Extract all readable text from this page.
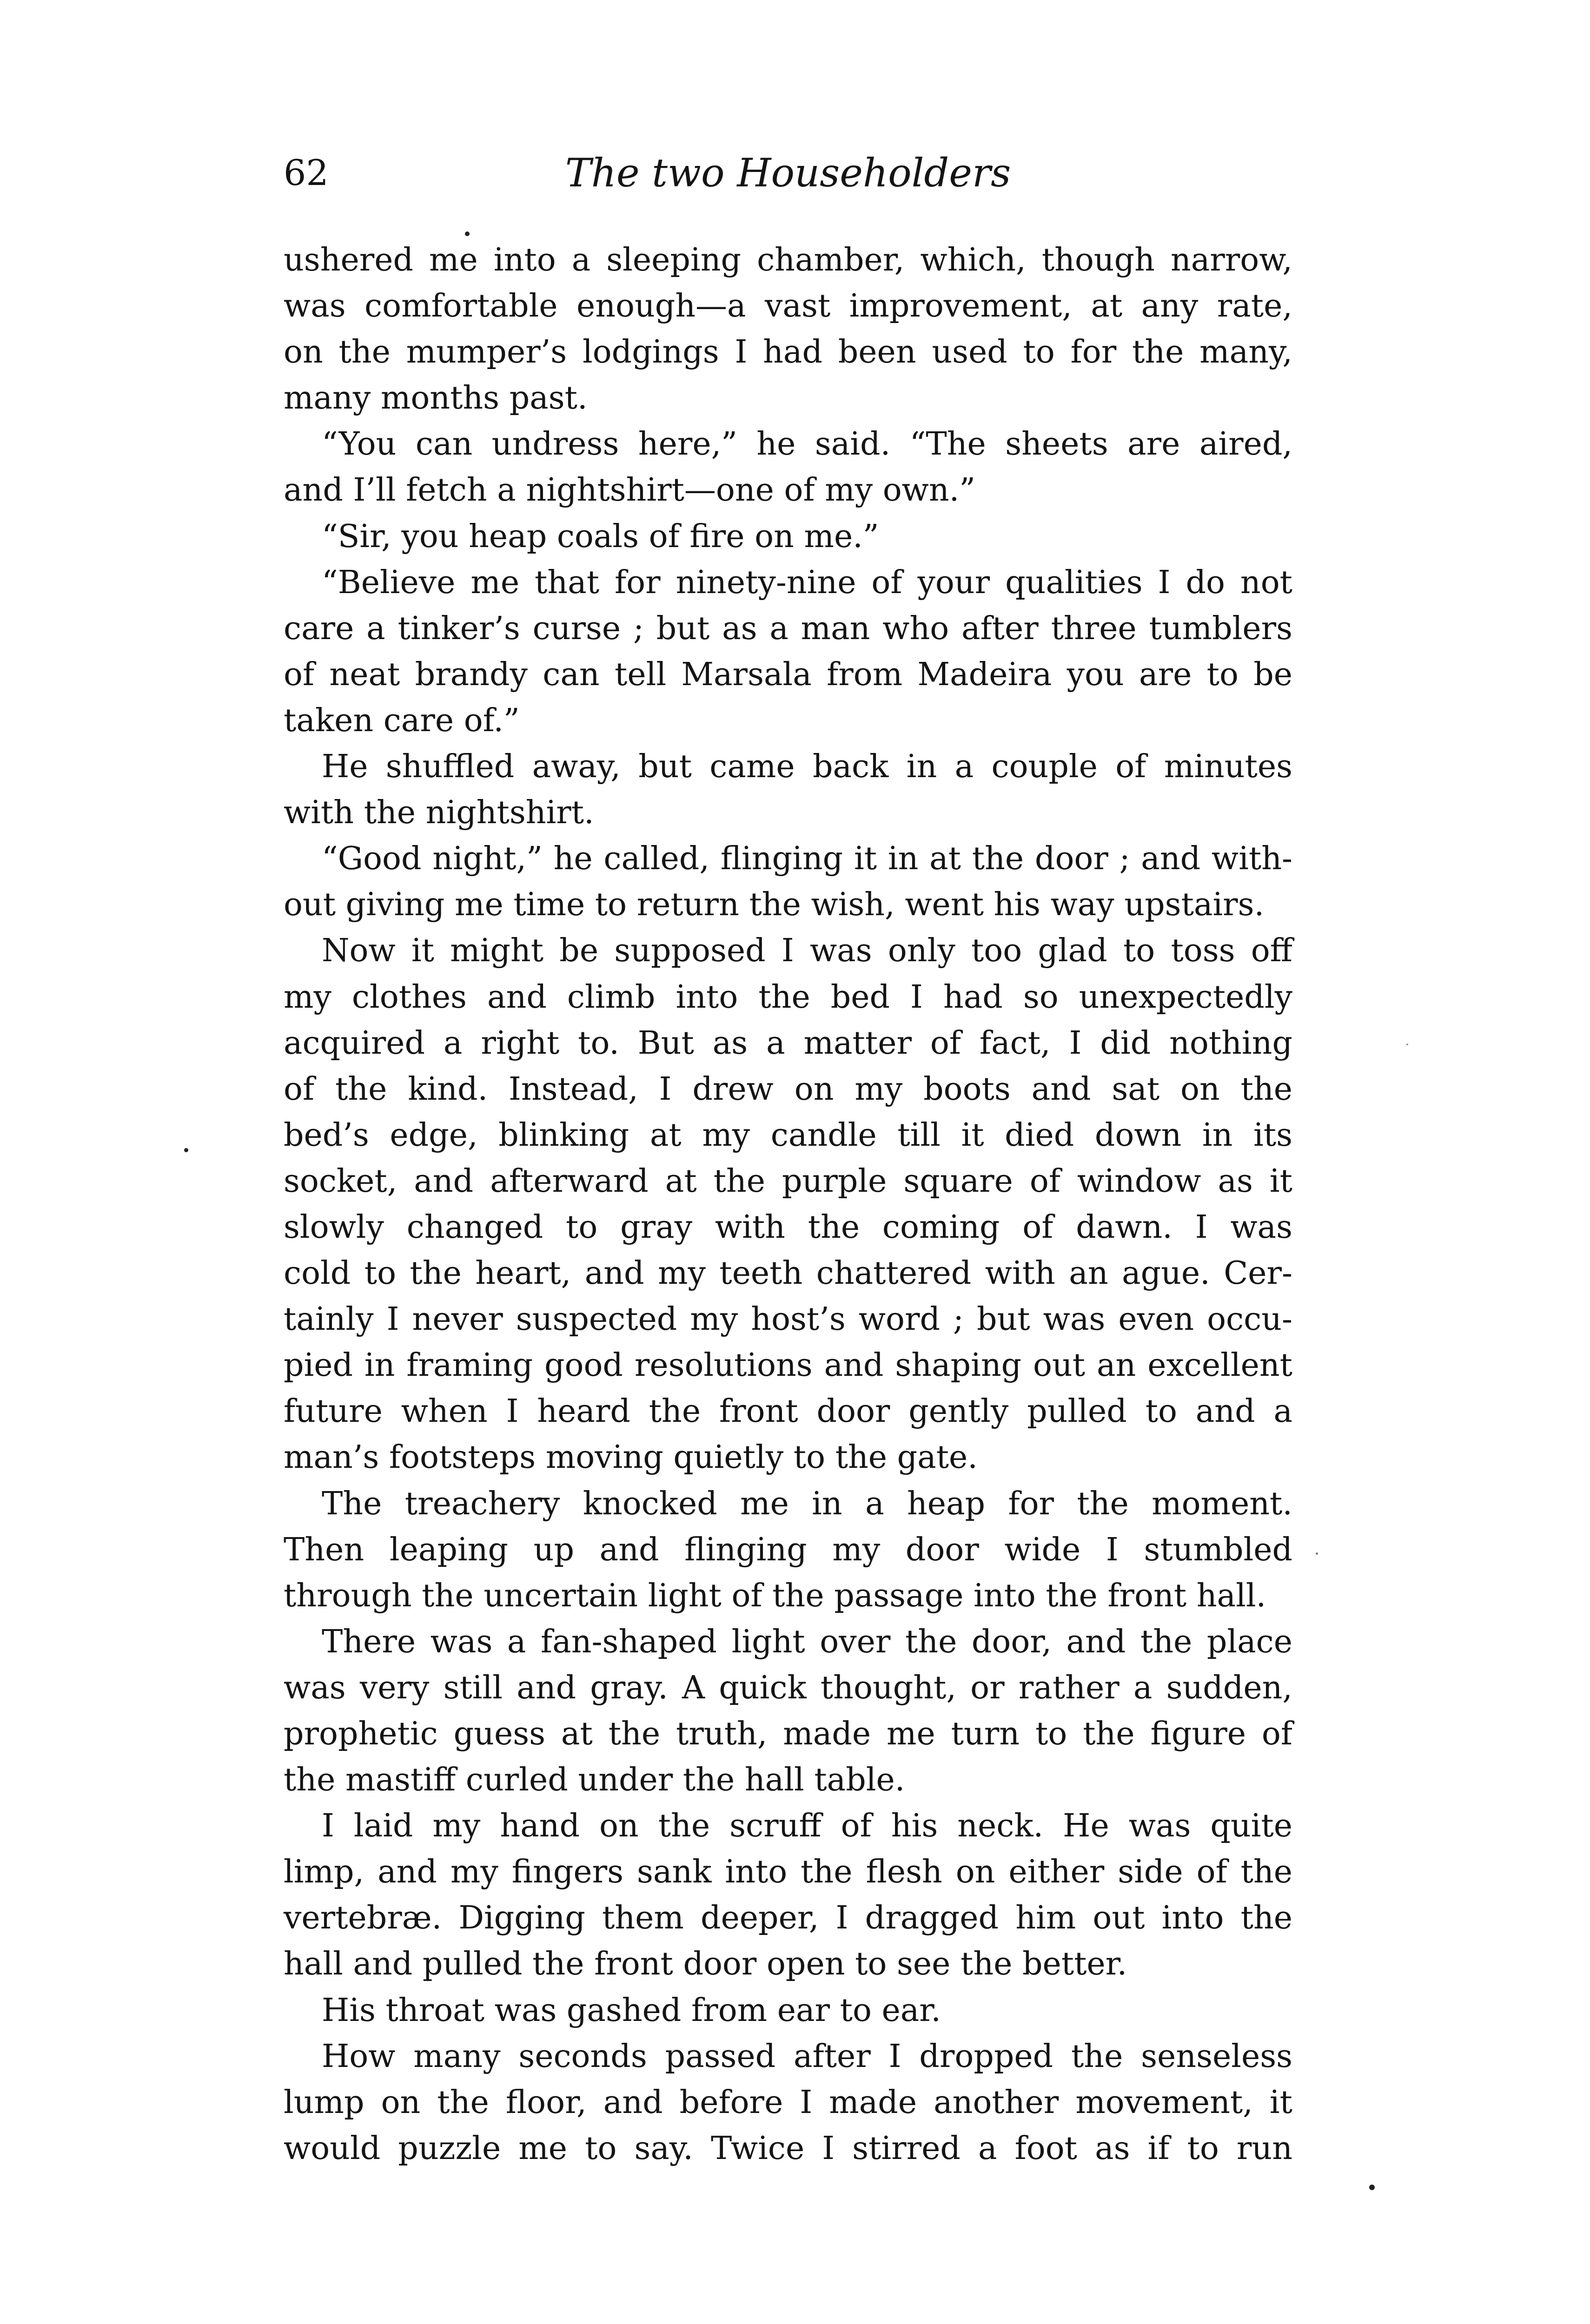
62	The two Householders
ushered me into a sleeping chamber, which, though narrow,
was comfortable enough—a vast improvement, at any rate,
on the mumper’s lodgings I had been used to for the many,
many months past.
“You can undress here,” he said. “The sheets are aired,
and I’ll fetch a nightshirt—one of my own.”
“Sir, you heap coals of fire on me.”
“Believe me that for ninety-nine of your qualities I do not
care a tinker’s curse ; but as a man who after three tumblers
of neat brandy can tell Marsala from Madeira you are to be
taken care of.”
He shuffled away, but came back in a couple of minutes
with the nightshirt.
“Good night,” he called, flinging it in at the door ; and with-
out giving me time to return the wish, went his way upstairs.
Now it might be supposed I was only too glad to toss off
my clothes and climb into the bed I had so unexpectedly
acquired a right to. But as a matter of fact, I did nothing
of the kind. Instead, I drew on my boots and sat on the
bed’s edge, blinking at my candle till it died down in its
socket, and afterward at the purple square of window as it
slowly changed to gray with the coming of dawn. I was
cold to the heart, and my teeth chattered with an ague. Cer-
tainly I never suspected my host’s word ; but was even occu-
pied in framing good resolutions and shaping out an excellent
future when I heard the front door gently pulled to and a
man’s footsteps moving quietly to the gate.
The treachery knocked me in a heap for the moment.
Then leaping up and flinging my door wide I stumbled
through the uncertain light of the passage into the front hall.
There was a fan-shaped light over the door, and the place
was very still and gray. A quick thought, or rather a sudden,
prophetic guess at the truth, made me turn to the figure of
the mastiff curled under the hall table.
I laid my hand on the scruff of his neck. He was quite
limp, and my fingers sank into the flesh on either side of the
vertebræ. Digging them deeper, I dragged him out into the
hall and pulled the front door open to see the better.
His throat was gashed from ear to ear.
How many seconds passed after I dropped the senseless
lump on the floor, and before I made another movement, it
would puzzle me to say. Twice I stirred a foot as if to run
